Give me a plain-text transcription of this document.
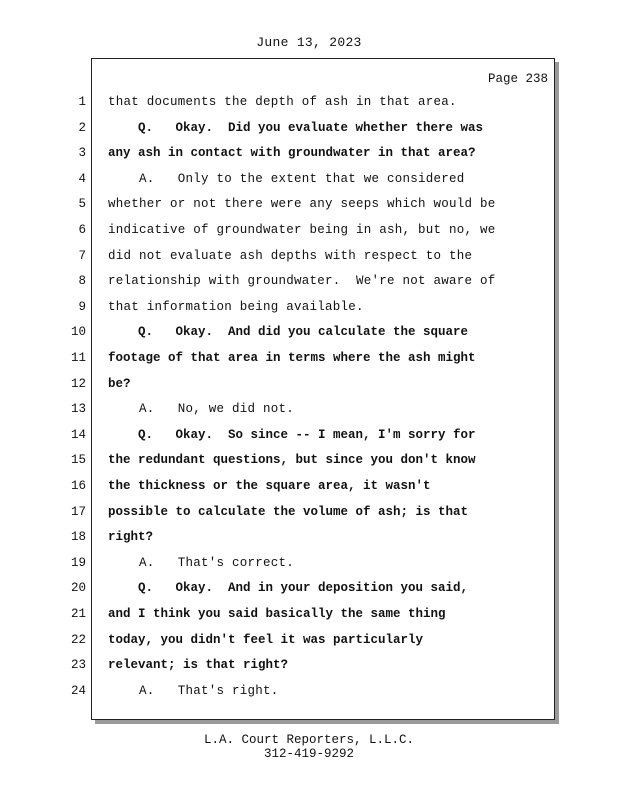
June 13, 2023
Page 238
1 that documents the depth of ash in that area.
2 Q.   Okay.  Did you evaluate whether there was
3 any ash in contact with groundwater in that area?
4 A.   Only to the extent that we considered
5 whether or not there were any seeps which would be
6 indicative of groundwater being in ash, but no, we
7 did not evaluate ash depths with respect to the
8 relationship with groundwater.  We're not aware of
9 that information being available.
10 Q.   Okay.  And did you calculate the square
11 footage of that area in terms where the ash might
12 be?
13 A.   No, we did not.
14 Q.   Okay.  So since -- I mean, I'm sorry for
15 the redundant questions, but since you don't know
16 the thickness or the square area, it wasn't
17 possible to calculate the volume of ash; is that
18 right?
19 A.   That's correct.
20 Q.   Okay.  And in your deposition you said,
21 and I think you said basically the same thing
22 today, you didn't feel it was particularly
23 relevant; is that right?
24 A.   That's right.
L.A. Court Reporters, L.L.C.
312-419-9292
